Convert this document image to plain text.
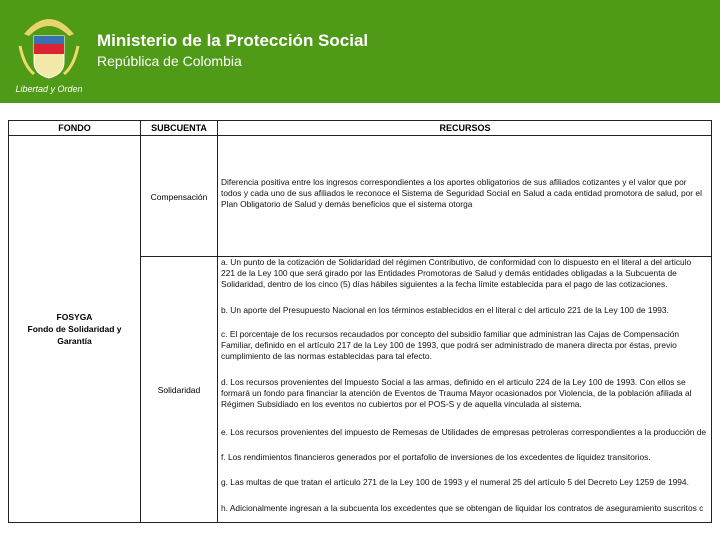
Libertad y Orden
Ministerio de la Protección Social
República de Colombia
FONDO	SUBCUENTA	RECURSOS
FOSYGA
Fondo de Solidaridad y
Garantía
Compensación
Solidaridad
Diferencia positiva entre los ingresos correspondientes a los aportes obligatorios de sus afiliados cotizantes y el valor que por
todos y cada uno de sus afiliados le reconoce el Sistema de Seguridad Social en Salud a cada entidad promotora de salud, por el
Plan Obligatorio de Salud y demás beneficios que el sistema otorga
a. Un punto de la cotización de Solidaridad del régimen Contributivo, de conformidad con lo dispuesto en el literal a del articulo
221 de la Ley 100 que será girado por las Entidades Promotoras de Salud y demás entidades obligadas a la Subcuenta de
Solidaridad, dentro de los cinco (5) días hábiles siguientes a la fecha límite establecida para el pago de las cotizaciones.
b. Un aporte del Presupuesto Nacional en los términos establecidos en el literal c del articulo 221 de la Ley 100 de 1993.
c. El porcentaje de los recursos recaudados por concepto del subsidio familiar que administran las Cajas de Compensación
Familiar, definido en el artículo 217 de la Ley 100 de 1993, que podrá ser administrado de manera directa por éstas, previo
cumplimiento de las normas establecidas para tal efecto.
d. Los recursos provenientes del Impuesto Social a las armas, definido en el articulo 224 de la Ley 100 de 1993. Con ellos se
formará un fondo para financiar la atención de Eventos de Trauma Mayor ocasionados por Violencia, de la población afiliada al
Régimen Subsidiado en los eventos no cubiertos por el POS-S y de aquella vinculada al sistema.
e. Los recursos provenientes del impuesto de Remesas de Utilidades de empresas petroleras correspondientes a la producción de
f. Los rendimientos financieros generados por el portafolio de inversiones de los excedentes de liquidez transitorios.
g. Las multas de que tratan el articulo 271 de la Ley 100 de 1993 y el numeral 25 del artículo 5 del Decreto Ley 1259 de 1994.
h. Adicionalmente ingresan a la subcuenta los excedentes que se obtengan de liquidar los contratos de aseguramiento suscritos c
